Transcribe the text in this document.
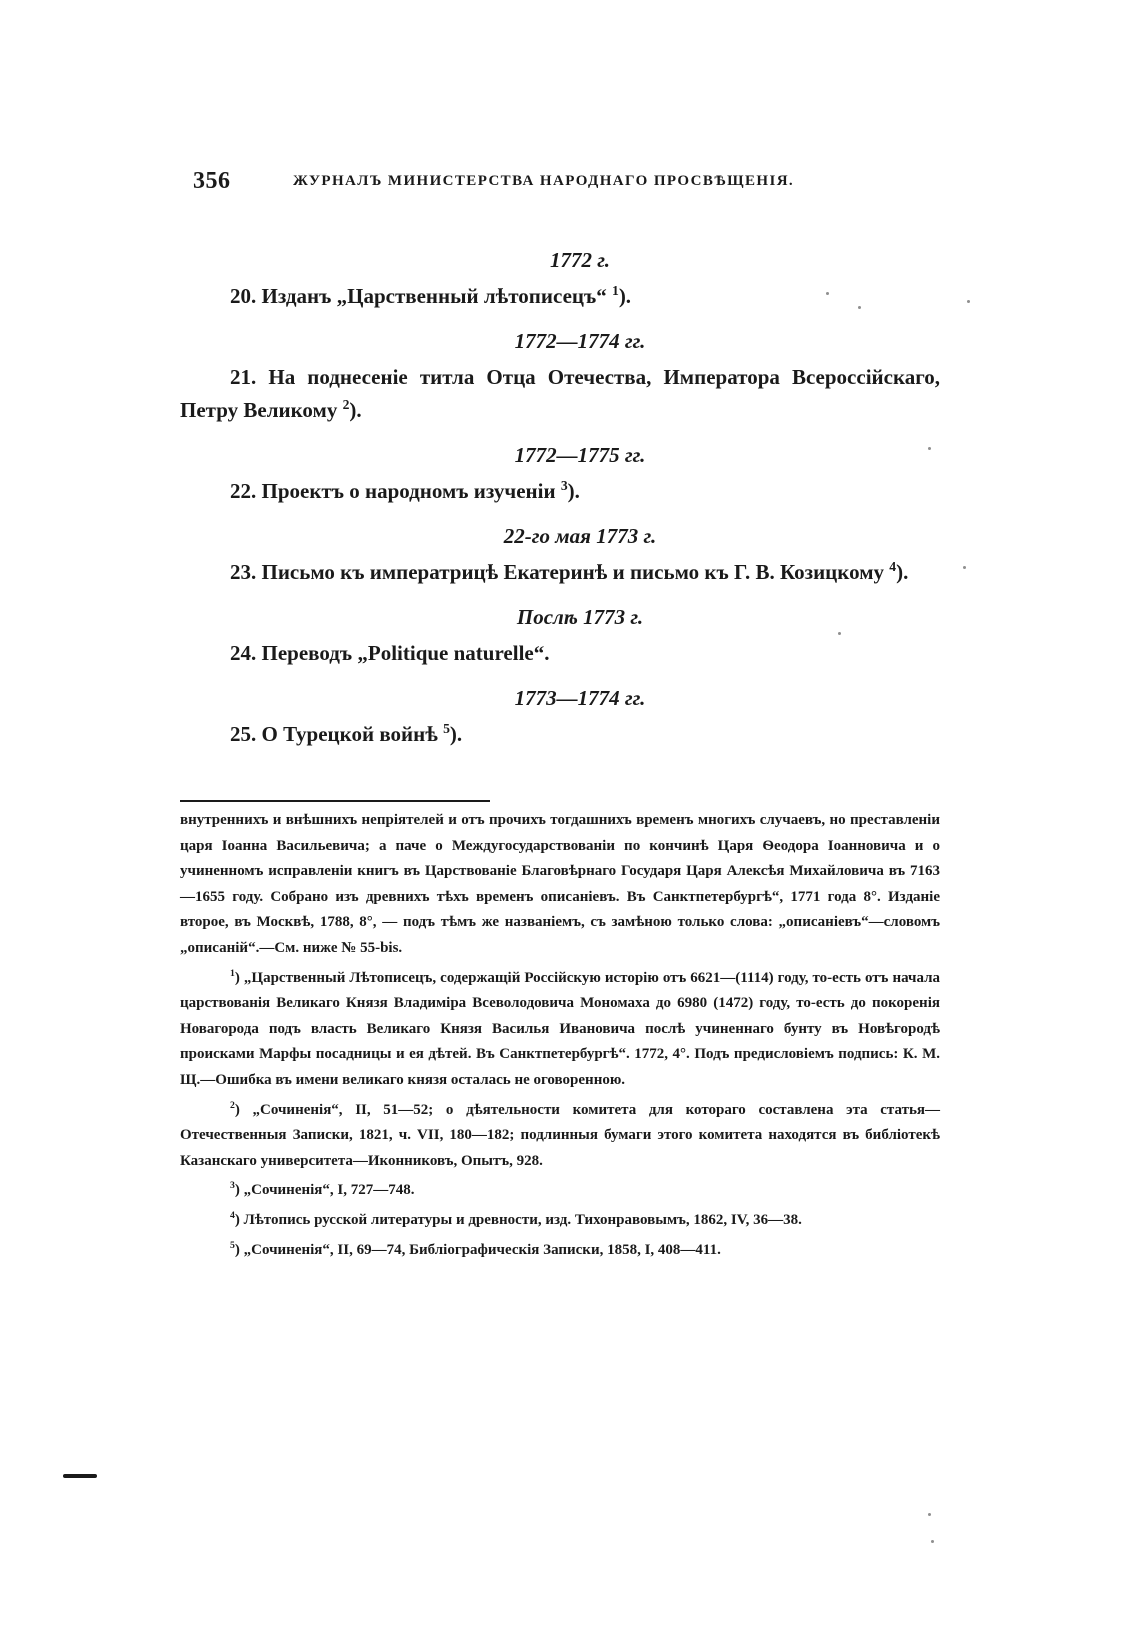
356	ЖУРНАЛЪ МИНИСТЕРСТВА НАРОДНАГО ПРОСВѢЩЕНІЯ.
1772 г.

20. Изданъ „Царственный лѣтописецъ“ $^1$).

1772—1774 гг.

21. На поднесеніе титла Отца Отечества, Императора Всероссійскаго, Петру Великому $^2$).

1772—1775 гг.

22. Проектъ о народномъ изученіи $^3$).

22-го мая 1773 г.

23. Письмо къ императрицѣ Екатеринѣ и письмо къ Г. В. Козицкому $^4$).

Послѣ 1773 г.

24. Переводъ „Politique naturelle“.

1773—1774 гг.

25. О Турецкой войнѣ $^5$).

внутреннихъ и внѣшнихъ непріятелей и отъ прочихъ тогдашнихъ временъ многихъ случаевъ, но преставленіи царя Іоанна Васильевича; а паче о Междугосударствованіи по кончинѣ Царя Ѳеодора Іоанновича и о учиненномъ исправленіи книгъ въ Царствованіе Благовѣрнаго Государя Царя Алексѣя Михайловича въ 7163—1655 году. Собрано изъ древнихъ тѣхъ временъ описаніевъ. Въ Санктпетербургѣ“, 1771 года 8°. Изданіе второе, въ Москвѣ, 1788, 8°, — подъ тѣмъ же названіемъ, съ замѣною только слова: „описаніевъ“—словомъ „описаній“.—См. ниже № 55-bis.

$^1$) „Царственный Лѣтописецъ, содержащій Россійскую исторію отъ 6621—(1114) году, то-есть отъ начала царствованія Великаго Князя Владиміра Всеволодовича Мономаха до 6980 (1472) году, то-есть до покоренія Новагорода подъ власть Великаго Князя Василья Ивановича послѣ учиненнаго бунту въ Новѣгородѣ происками Марфы посадницы и ея дѣтей. Въ Санктпетербургѣ“. 1772, 4°. Подъ предисловіемъ подпись: К. М. Щ.—Ошибка въ имени великаго князя осталась не оговоренною.

$^2$) „Сочиненія“, II, 51—52; о дѣятельности комитета для котораго составлена эта статья—Отечественныя Записки, 1821, ч. VII, 180—182; подлинныя бумаги этого комитета находятся въ библіотекѣ Казанскаго университета—Иконниковъ, Опытъ, 928.

$^3$) „Сочиненія“, I, 727—748.

$^4$) Лѣтопись русской литературы и древности, изд. Тихонравовымъ, 1862, IV, 36—38.

$^5$) „Сочиненія“, II, 69—74, Библіографическія Записки, 1858, I, 408—411.
